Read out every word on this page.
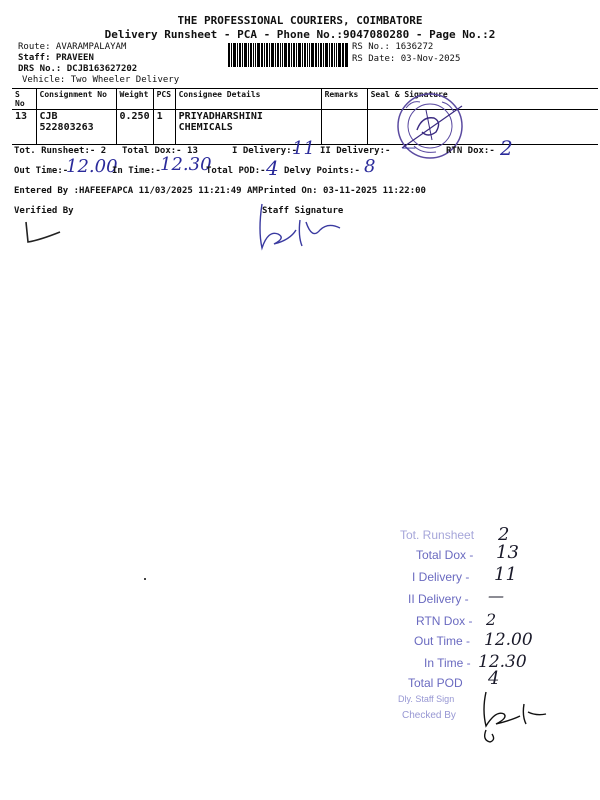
THE PROFESSIONAL COURIERS, COIMBATORE
Delivery Runsheet - PCA - Phone No.:9047080280 - Page No.:2
Route: AVARAMPALAYAM
Staff: PRAVEEN
DRS No.: DCJB163627202
Vehicle: Two Wheeler Delivery
RS No.: 1636272
RS Date: 03-Nov-2025
S No	Consignment No	Weight	PCS	Consignee Details	Remarks	Seal & Signature
13	CJB 522803263	0.250	1	PRIYADHARSHINI CHEMICALS		
Tot. Runsheet:- 2 Total Dox:- 13	I Delivery:-
11 II Delivery:- —	RTN Dox:- 2
Out Time:-
12.00
In Time:- 12.30
Total POD:- 4 Delvy Points:- 8
Entered By :HAFEEFAPCA 11/03/2025 11:21:49 AM Printed On: 03-11-2025 11:22:00
Verified By	Staff Signature
Tot. Runsheet 2
Total Dox - 13
I Delivery - 11
II Delivery - —
RTN Dox - 2
Out Time - 12.00
In Time - 12.30
Total POD 4
Dly. Staff Sign
Checked By
